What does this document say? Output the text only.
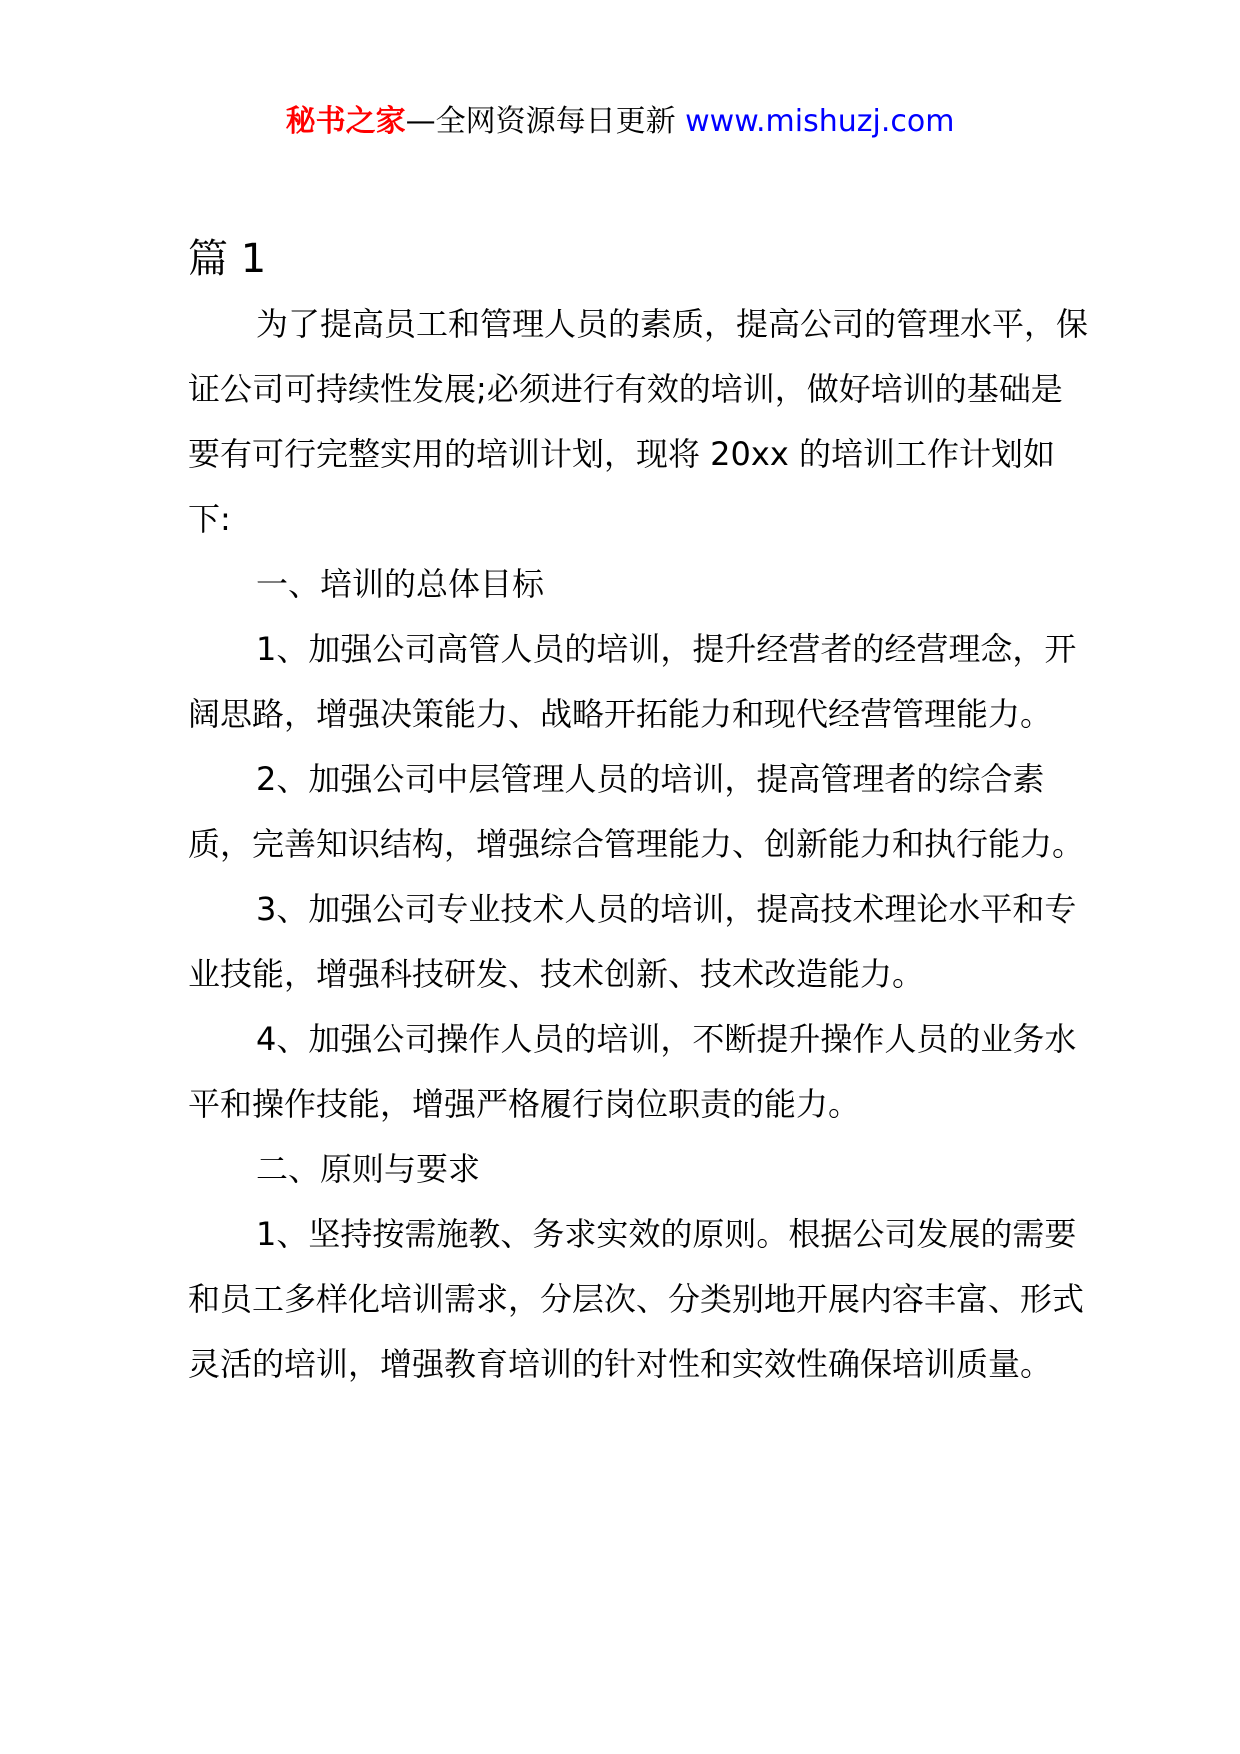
秘书之家—全网资源每日更新 www.mishuzj.com
篇 1

为了提高员工和管理人员的素质，提高公司的管理水平，保证公司可持续性发展;必须进行有效的培训，做好培训的基础是要有可行完整实用的培训计划，现将 20xx 的培训工作计划如下:

一、培训的总体目标

1、加强公司高管人员的培训，提升经营者的经营理念，开阔思路，增强决策能力、战略开拓能力和现代经营管理能力。

2、加强公司中层管理人员的培训，提高管理者的综合素质，完善知识结构，增强综合管理能力、创新能力和执行能力。

3、加强公司专业技术人员的培训，提高技术理论水平和专业技能，增强科技研发、技术创新、技术改造能力。

4、加强公司操作人员的培训，不断提升操作人员的业务水平和操作技能，增强严格履行岗位职责的能力。

二、原则与要求

1、坚持按需施教、务求实效的原则。根据公司发展的需要和员工多样化培训需求，分层次、分类别地开展内容丰富、形式灵活的培训，增强教育培训的针对性和实效性确保培训质量。
